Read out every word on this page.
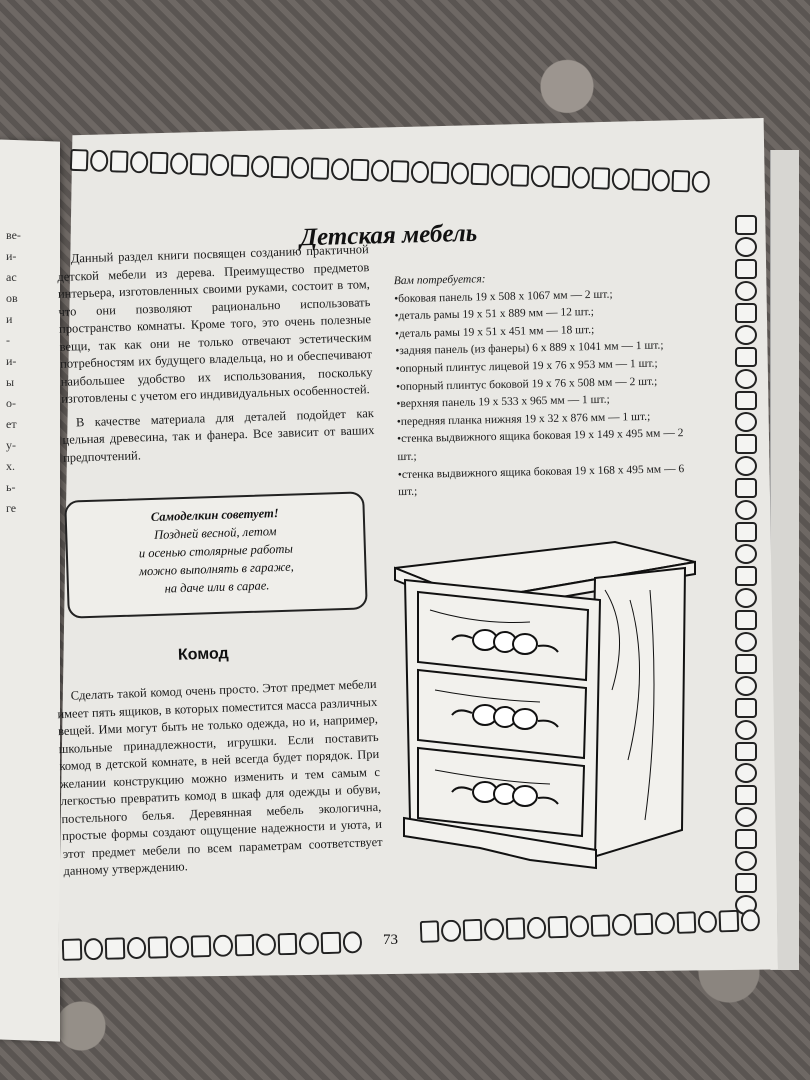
ве-
и-
ас
ов
и
-
и-
ы
о-
ет
у-
х.
ь-
ге
Детская мебель

Данный раздел книги посвящен созданию практичной детской мебели из дерева. Преимущество предметов интерьера, изготовленных своими руками, состоит в том, что они позволяют рационально использовать пространство комнаты. Кроме того, это очень полезные вещи, так как они не только отвечают эстетическим потребностям их будущего владельца, но и обеспечивают наибольшее удобство их использования, поскольку изготовлены с учетом его индивидуальных особенностей.

В качестве материала для деталей подойдет как цельная древесина, так и фанера. Все зависит от ваших предпочтений.

Самоделкин советует!
Поздней весной, летом
и осенью столярные работы
можно выполнять в гараже,
на даче или в сарае.
Комод
Сделать такой комод очень просто. Этот предмет мебели имеет пять ящиков, в которых поместится масса различных вещей. Ими могут быть не только одежда, но и, например, школьные принадлежности, игрушки. Если поставить комод в детской комнате, в ней всегда будет порядок. При желании конструкцию можно изменить и тем самым с легкостью превратить комод в шкаф для одежды и обуви, постельного белья. Деревянная мебель экологична, простые формы создают ощущение надежности и уюта, и этот предмет мебели по всем параметрам соответствует данному утверждению.
Вам потребуется:
•боковая панель 19 x 508 x 1067 мм — 2 шт.;
•деталь рамы 19 x 51 x 889 мм — 12 шт.;
•деталь рамы 19 x 51 x 451 мм — 18 шт.;
•задняя панель (из фанеры) 6 x 889 x 1041 мм — 1 шт.;
•опорный плинтус лицевой 19 x 76 x 953 мм — 1 шт.;
•опорный плинтус боковой 19 x 76 x 508 мм — 2 шт.;
•верхняя панель 19 x 533 x 965 мм — 1 шт.;
•передняя планка нижняя 19 x 32 x 876 мм — 1 шт.;
•стенка выдвижного ящика боковая 19 x 149 x 495 мм — 2 шт.;
•стенка выдвижного ящика боковая 19 x 168 x 495 мм — 6 шт.;
73
